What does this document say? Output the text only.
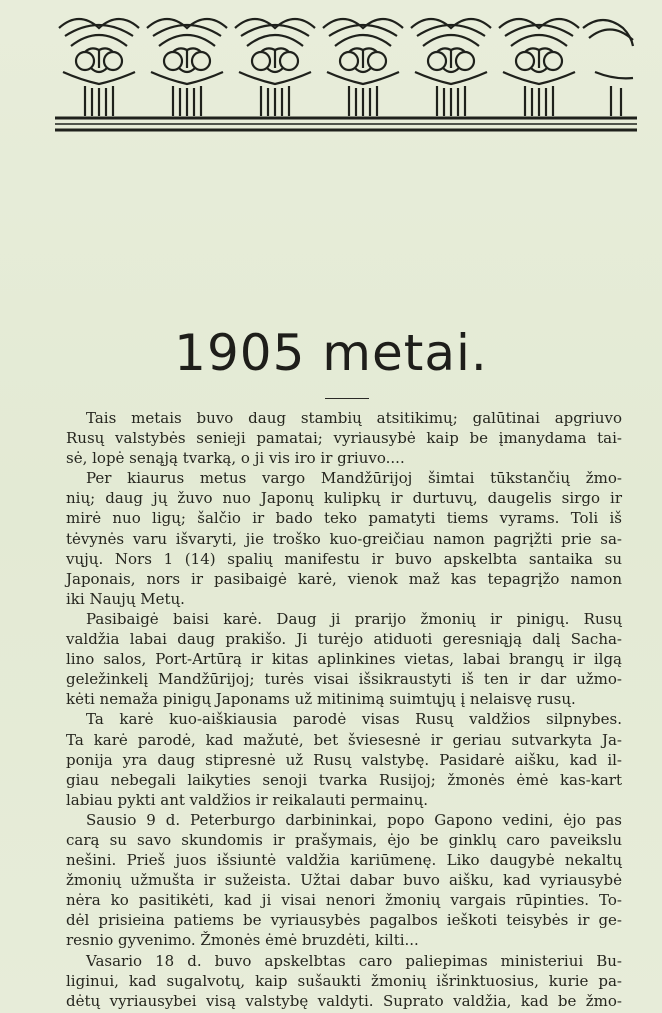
1905 metai.

Tais metais buvo daug stambių atsitikimų; galūtinai apgriuvo
Rusų valstybės senieji pamatai; vyriausybė kaip be įmanydama tai-
sė, lopė senąją tvarką, o ji vis iro ir griuvo....

Per kiaurus metus vargo Mandžūrijoj šimtai tūkstančių žmo-
nių; daug jų žuvo nuo Japonų kulipkų ir durtuvų, daugelis sirgo ir
mirė nuo ligų; šalčio ir bado teko pamatyti tiems vyrams. Toli iš
tėvynės varu išvaryti, jie troško kuo-greičiau namon pagrįžti prie sa-
vųjų. Nors 1 (14) spalių manifestu ir buvo apskelbta santaika su
Japonais, nors ir pasibaigė karė, vienok maž kas tepagrįžo namon
iki Naujų Metų.

Pasibaigė baisi karė. Daug ji prarijo žmonių ir pinigų. Rusų
valdžia labai daug prakišo. Ji turėjo atiduoti geresniąją dalį Sacha-
lino salos, Port-Artūrą ir kitas aplinkines vietas, labai brangų ir ilgą
geležinkelį Mandžūrijoj; turės visai išsikraustyti iš ten ir dar užmo-
kėti nemaža pinigų Japonams už mitinimą suimtųjų į nelaisvę rusų.

Ta karė kuo-aiškiausia parodė visas Rusų valdžios silpnybes.
Ta karė parodė, kad mažutė, bet šviesesnė ir geriau sutvarkyta Ja-
ponija yra daug stipresnė už Rusų valstybę. Pasidarė aišku, kad il-
giau nebegali laikyties senoji tvarka Rusijoj; žmonės ėmė kas-kart
labiau pykti ant valdžios ir reikalauti permainų.

Sausio 9 d. Peterburgo darbininkai, popo Gapono vedini, ėjo pas
carą su savo skundomis ir prašymais, ėjo be ginklų caro paveikslu
nešini. Prieš juos išsiuntė valdžia kariūmenę. Liko daugybė nekaltų
žmonių užmušta ir sužeista. Užtai dabar buvo aišku, kad vyriausybė
nėra ko pasitikėti, kad ji visai nenori žmonių vargais rūpinties. To-
dėl prisieina patiems be vyriausybės pagalbos ieškoti teisybės ir ge-
resnio gyvenimo. Žmonės ėmė bruzdėti, kilti...

Vasario 18 d. buvo apskelbtas caro paliepimas ministeriui Bu-
liginui, kad sugalvotų, kaip sušaukti žmonių išrinktuosius, kurie pa-
dėtų vyriausybei visą valstybę valdyti. Suprato valdžia, kad be žmo-
